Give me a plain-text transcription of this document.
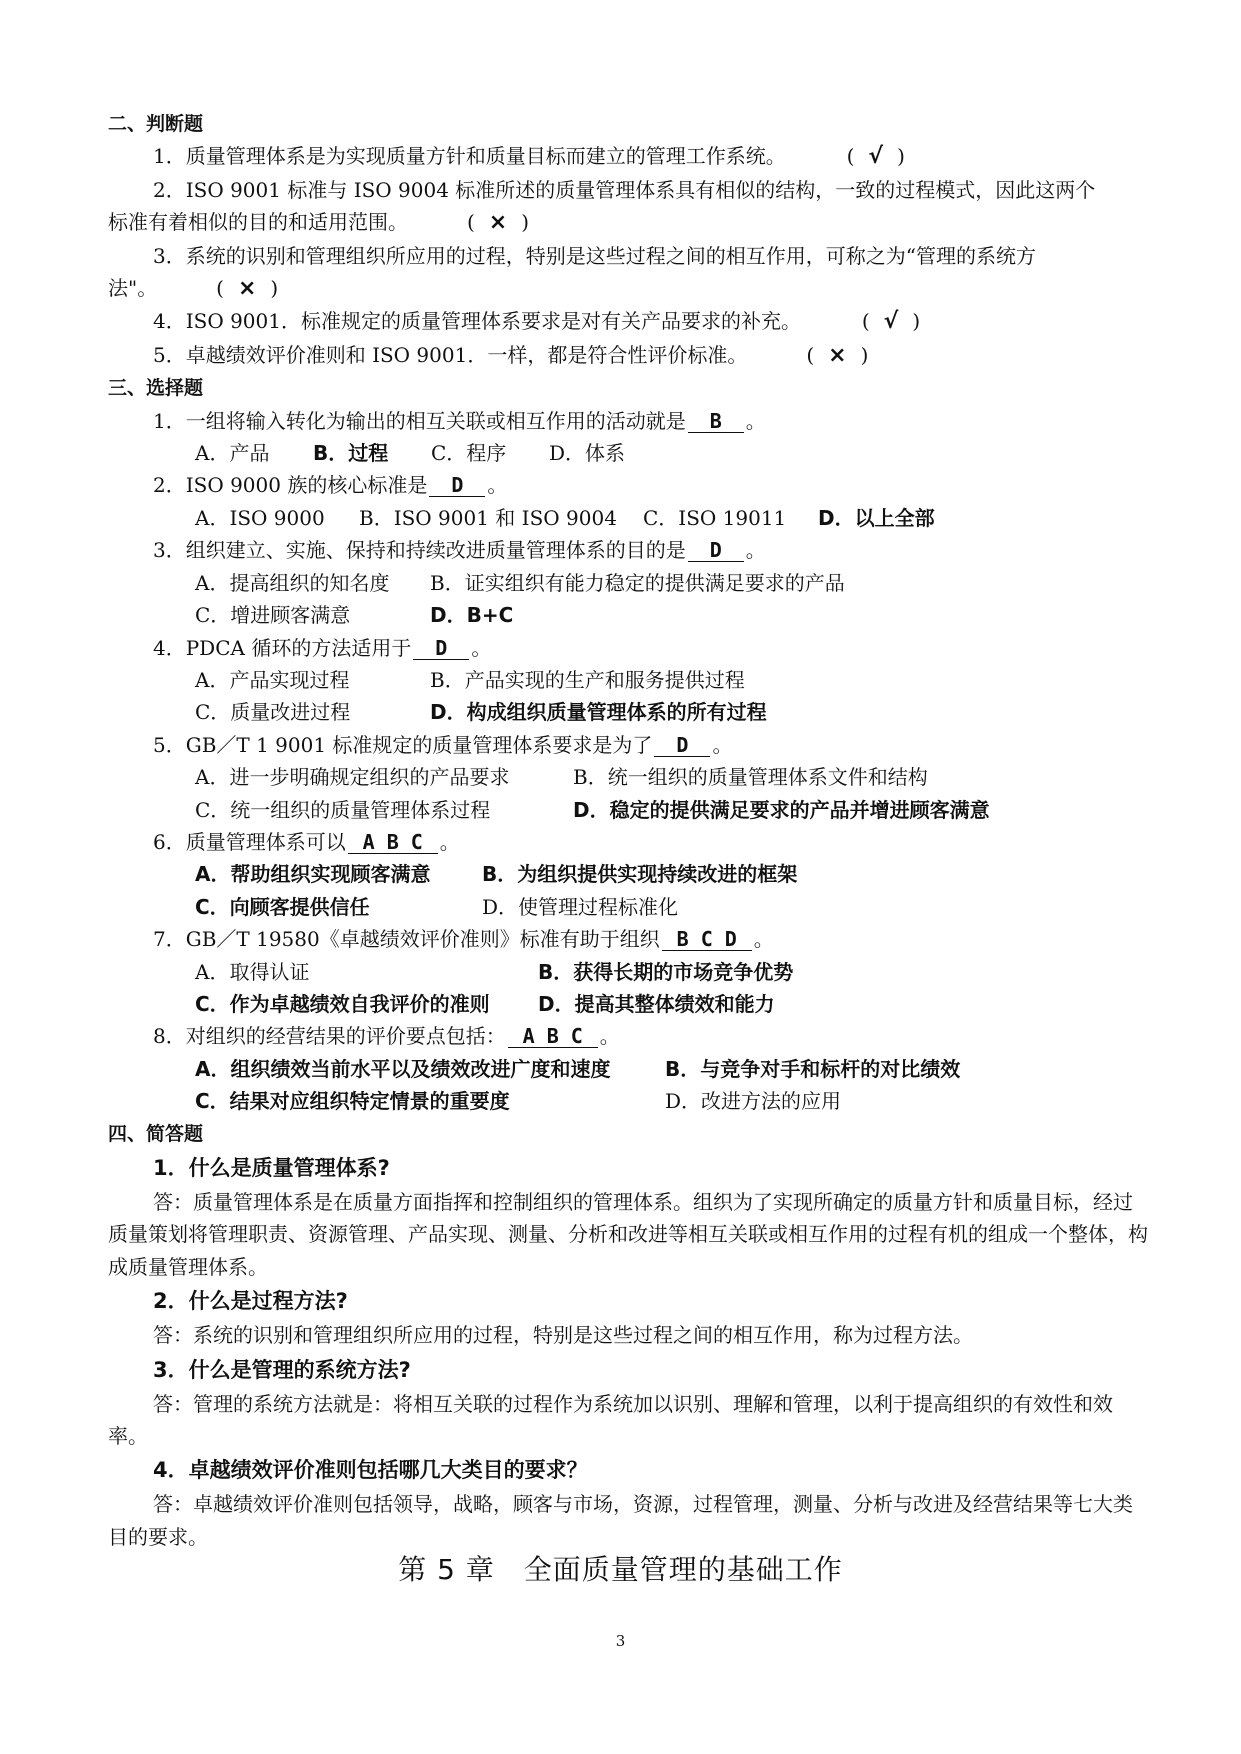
二、判断题
1．质量管理体系是为实现质量方针和质量目标而建立的管理工作系统。	( √ )
2．ISO 9001 标准与 ISO 9004 标准所述的质量管理体系具有相似的结构，一致的过程模式，因此这两个
标准有着相似的目的和适用范围。	( × )
3．系统的识别和管理组织所应用的过程，特别是这些过程之间的相互作用，可称之为“管理的系统方
法"。	( × )
4．ISO 9001．标准规定的质量管理体系要求是对有关产品要求的补充。	( √ )
5．卓越绩效评价准则和 ISO 9001．一样，都是符合性评价标准。	( × )
三、选择题
1．一组将输入转化为输出的相互关联或相互作用的活动就是 B 。
A．产品 B．过程 C．程序 D．体系
2．ISO 9000 族的核心标准是 D 。
A．ISO 9000 B．ISO 9001 和 ISO 9004 C．ISO 19011 D．以上全部
3．组织建立、实施、保持和持续改进质量管理体系的目的是 D 。
A．提高组织的知名度 B．证实组织有能力稳定的提供满足要求的产品
C．增进顾客满意	D．B+C
4．PDCA 循环的方法适用于 D 。
A．产品实现过程	B．产品实现的生产和服务提供过程
C．质量改进过程	D．构成组织质量管理体系的所有过程
5．GB／T 1 9001 标准规定的质量管理体系要求是为了 D 。
A．进一步明确规定组织的产品要求	B．统一组织的质量管理体系文件和结构
C．统一组织的质量管理体系过程	D．稳定的提供满足要求的产品并增进顾客满意
6．质量管理体系可以 A B C 。
A．帮助组织实现顾客满意	B．为组织提供实现持续改进的框架
C．向顾客提供信任	D．使管理过程标准化
7．GB／T 19580《卓越绩效评价准则》标准有助于组织 B C D 。
A．取得认证	B．获得长期的市场竞争优势
C．作为卓越绩效自我评价的准则 D．提高其整体绩效和能力
8．对组织的经营结果的评价要点包括： A B C 。
A．组织绩效当前水平以及绩效改进广度和速度	B．与竞争对手和标杆的对比绩效
C．结果对应组织特定情景的重要度	D．改进方法的应用
四、简答题
1．什么是质量管理体系?
答：质量管理体系是在质量方面指挥和控制组织的管理体系。组织为了实现所确定的质量方针和质量目标，经过质量策划将管理职责、资源管理、产品实现、测量、分析和改进等相互关联或相互作用的过程有机的组成一个整体，构成质量管理体系。
2．什么是过程方法?
答：系统的识别和管理组织所应用的过程，特别是这些过程之间的相互作用，称为过程方法。
3．什么是管理的系统方法?
答：管理的系统方法就是：将相互关联的过程作为系统加以识别、理解和管理，以利于提高组织的有效性和效率。
4．卓越绩效评价准则包括哪几大类目的要求？
答：卓越绩效评价准则包括领导，战略，顾客与市场，资源，过程管理，测量、分析与改进及经营结果等七大类目的要求。
第 5 章　全面质量管理的基础工作
3
